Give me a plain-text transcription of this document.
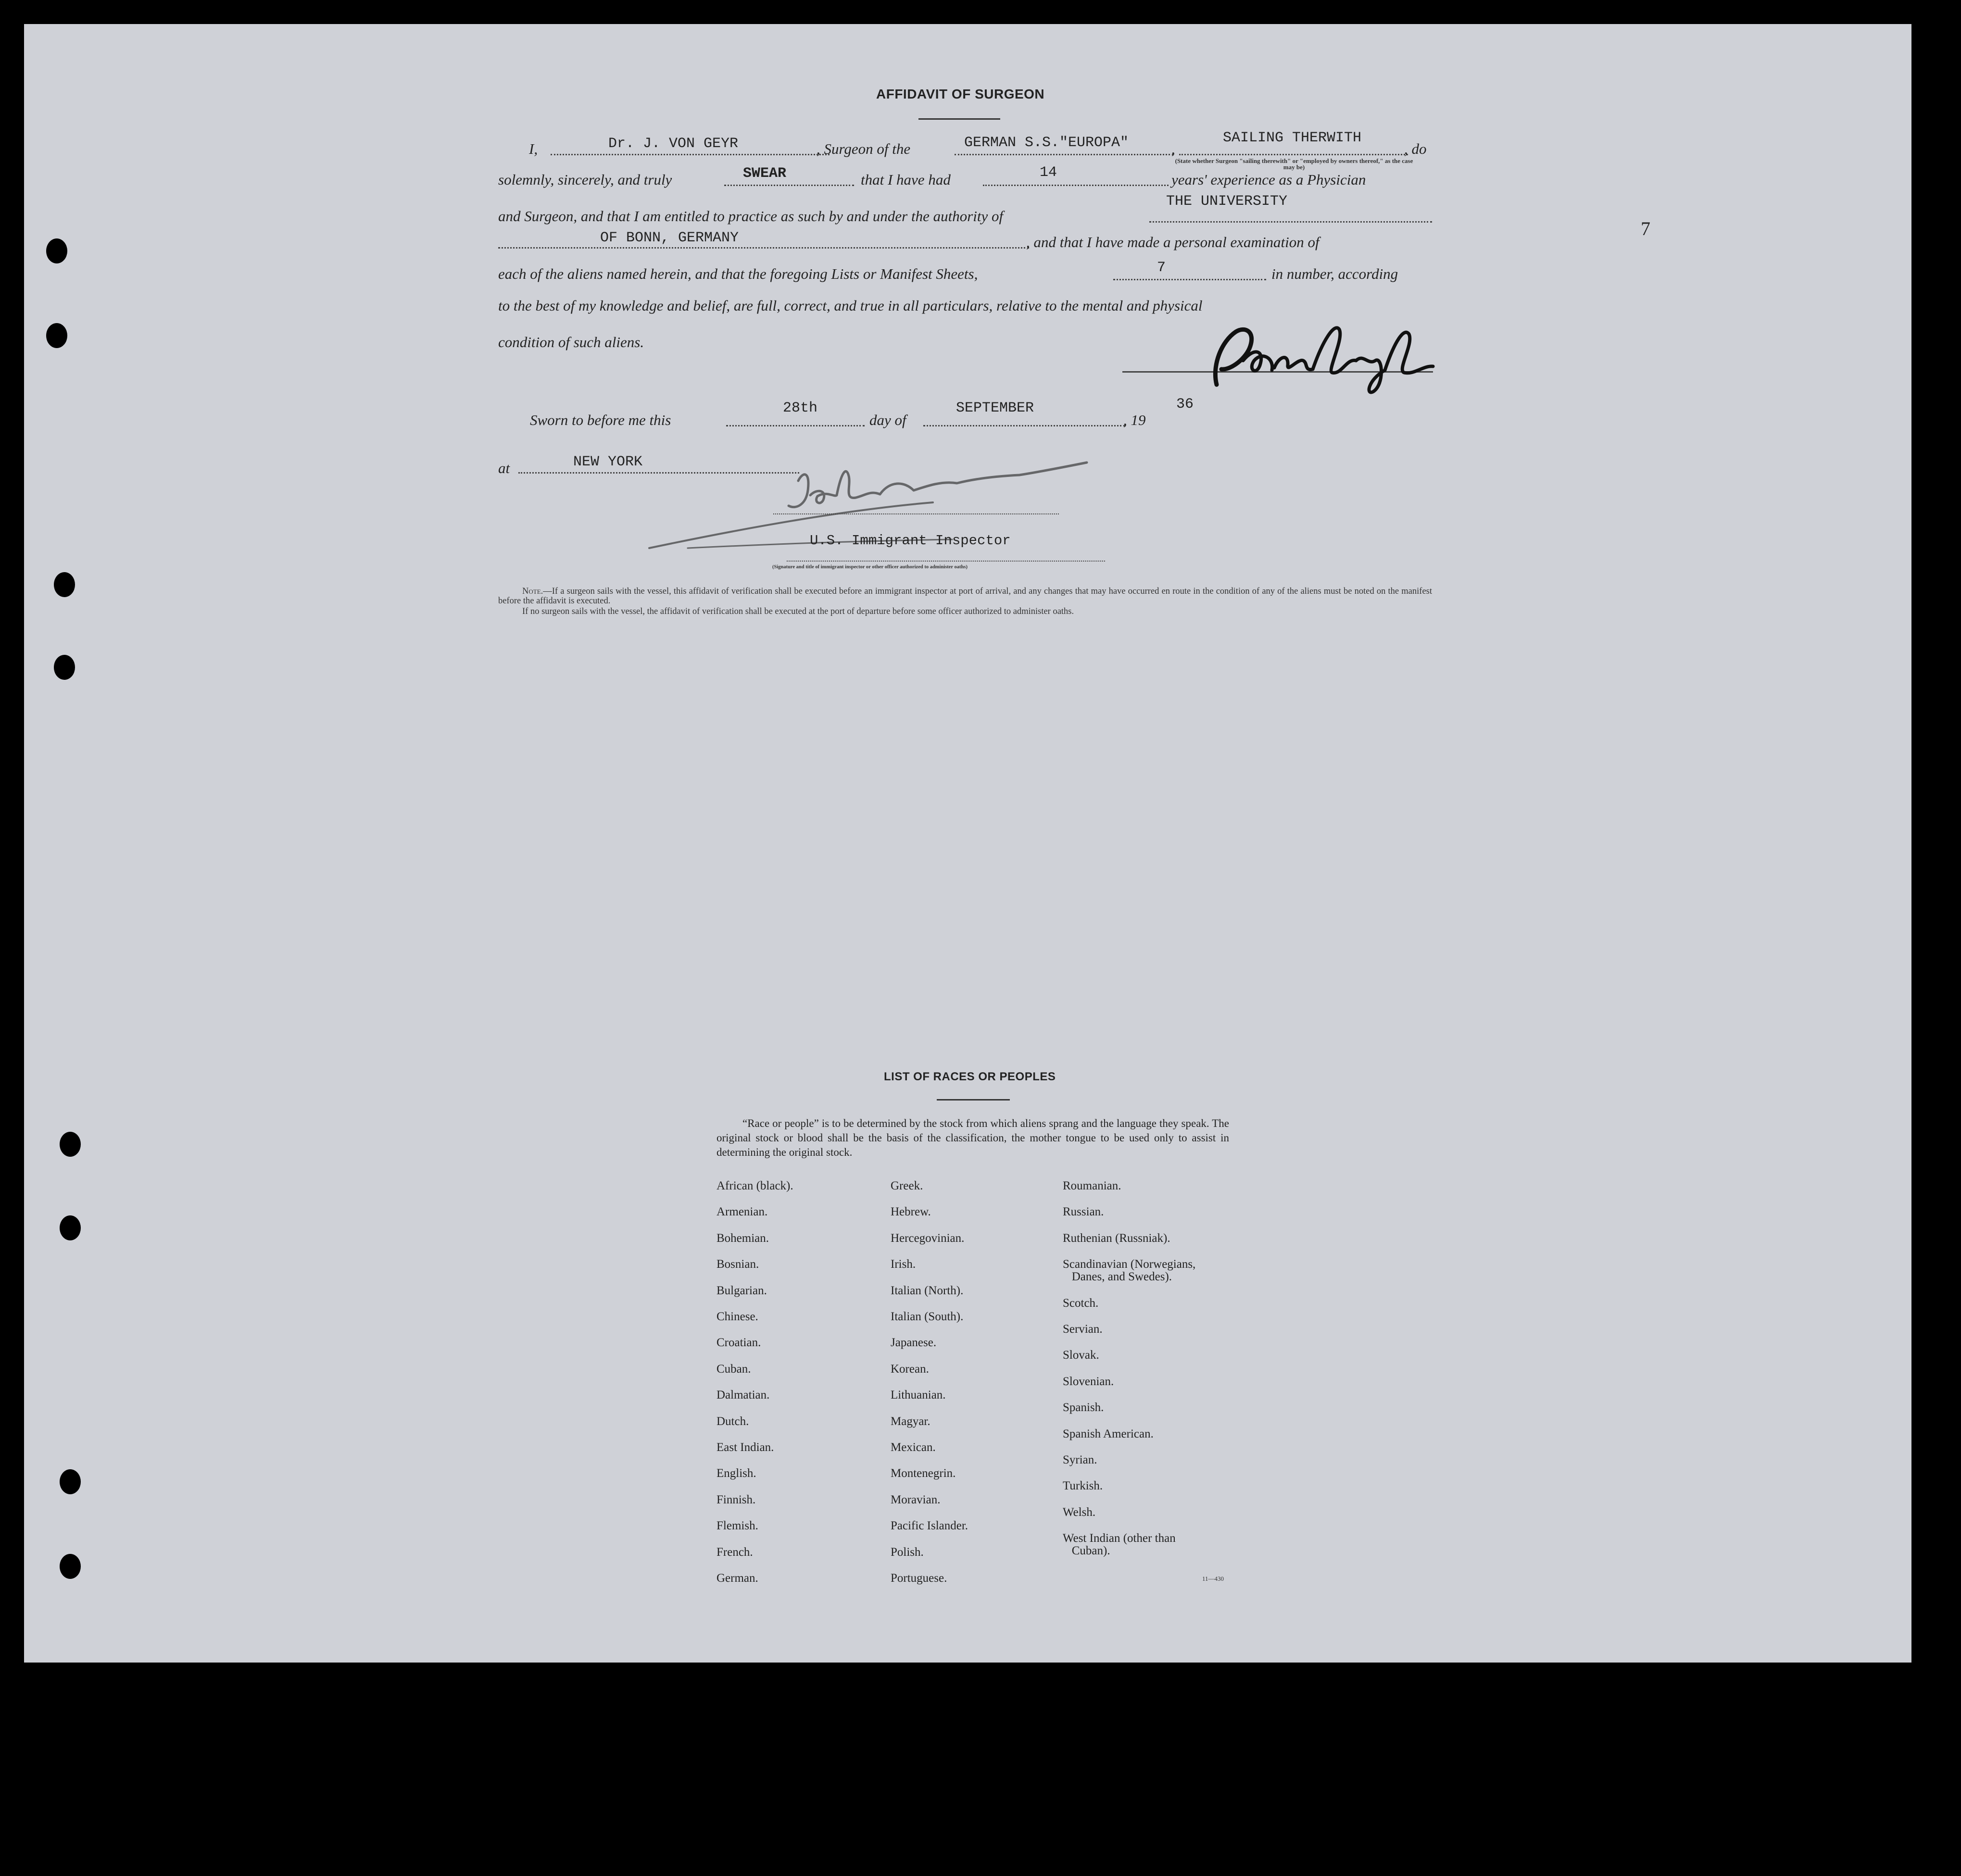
7
AFFIDAVIT OF SURGEON
I,	Dr. J. VON GEYR	, Surgeon of the	GERMAN S.S."EUROPA"	,
SAILING THERWITH
(State whether Surgeon "sailing therewith" or "employed by owners thereof," as the case may be)
, do
solemnly, sincerely, and truly	SWEAR	that I have had	14	years' experience as a Physician
and Surgeon, and that I am entitled to practice as such by and under the authority of
THE UNIVERSITY
OF BONN, GERMANY	, and that I have made a personal examination of
each of the aliens named herein, and that the foregoing Lists or Manifest Sheets,	7	in number, according
to the best of my knowledge and belief, are full, correct, and true in all particulars, relative to the mental and physical
condition of such aliens.
Sworn to before me this
28th
day of
SEPTEMBER
, 19
36
at	NEW YORK
U.S. Immigrant Inspector
(Signature and title of immigrant inspector or other officer authorized to administer oaths)
Note.—If a surgeon sails with the vessel, this affidavit of verification shall be executed before an immigrant inspector at port of arrival, and any changes that may have occurred en route in the condition of any of the aliens must be noted on the manifest before the affidavit is executed.
If no surgeon sails with the vessel, the affidavit of verification shall be executed at the port of departure before some officer authorized to administer oaths.
LIST OF RACES OR PEOPLES
“Race or people” is to be determined by the stock from which aliens sprang and the language they speak. The original stock or blood shall be the basis of the classification, the mother tongue to be used only to assist in determining the original stock.
African (black).
Armenian.
Bohemian.
Bosnian.
Bulgarian.
Chinese.
Croatian.
Cuban.
Dalmatian.
Dutch.
East Indian.
English.
Finnish.
Flemish.
French.
German.
Greek.
Hebrew.
Hercegovinian.
Irish.
Italian (North).
Italian (South).
Japanese.
Korean.
Lithuanian.
Magyar.
Mexican.
Montenegrin.
Moravian.
Pacific Islander.
Polish.
Portuguese.
Roumanian.
Russian.
Ruthenian (Russniak).
Scandinavian (Norwegians,
Danes, and Swedes).
Scotch.
Servian.
Slovak.
Slovenian.
Spanish.
Spanish American.
Syrian.
Turkish.
Welsh.
West Indian (other than
Cuban).
11—430
